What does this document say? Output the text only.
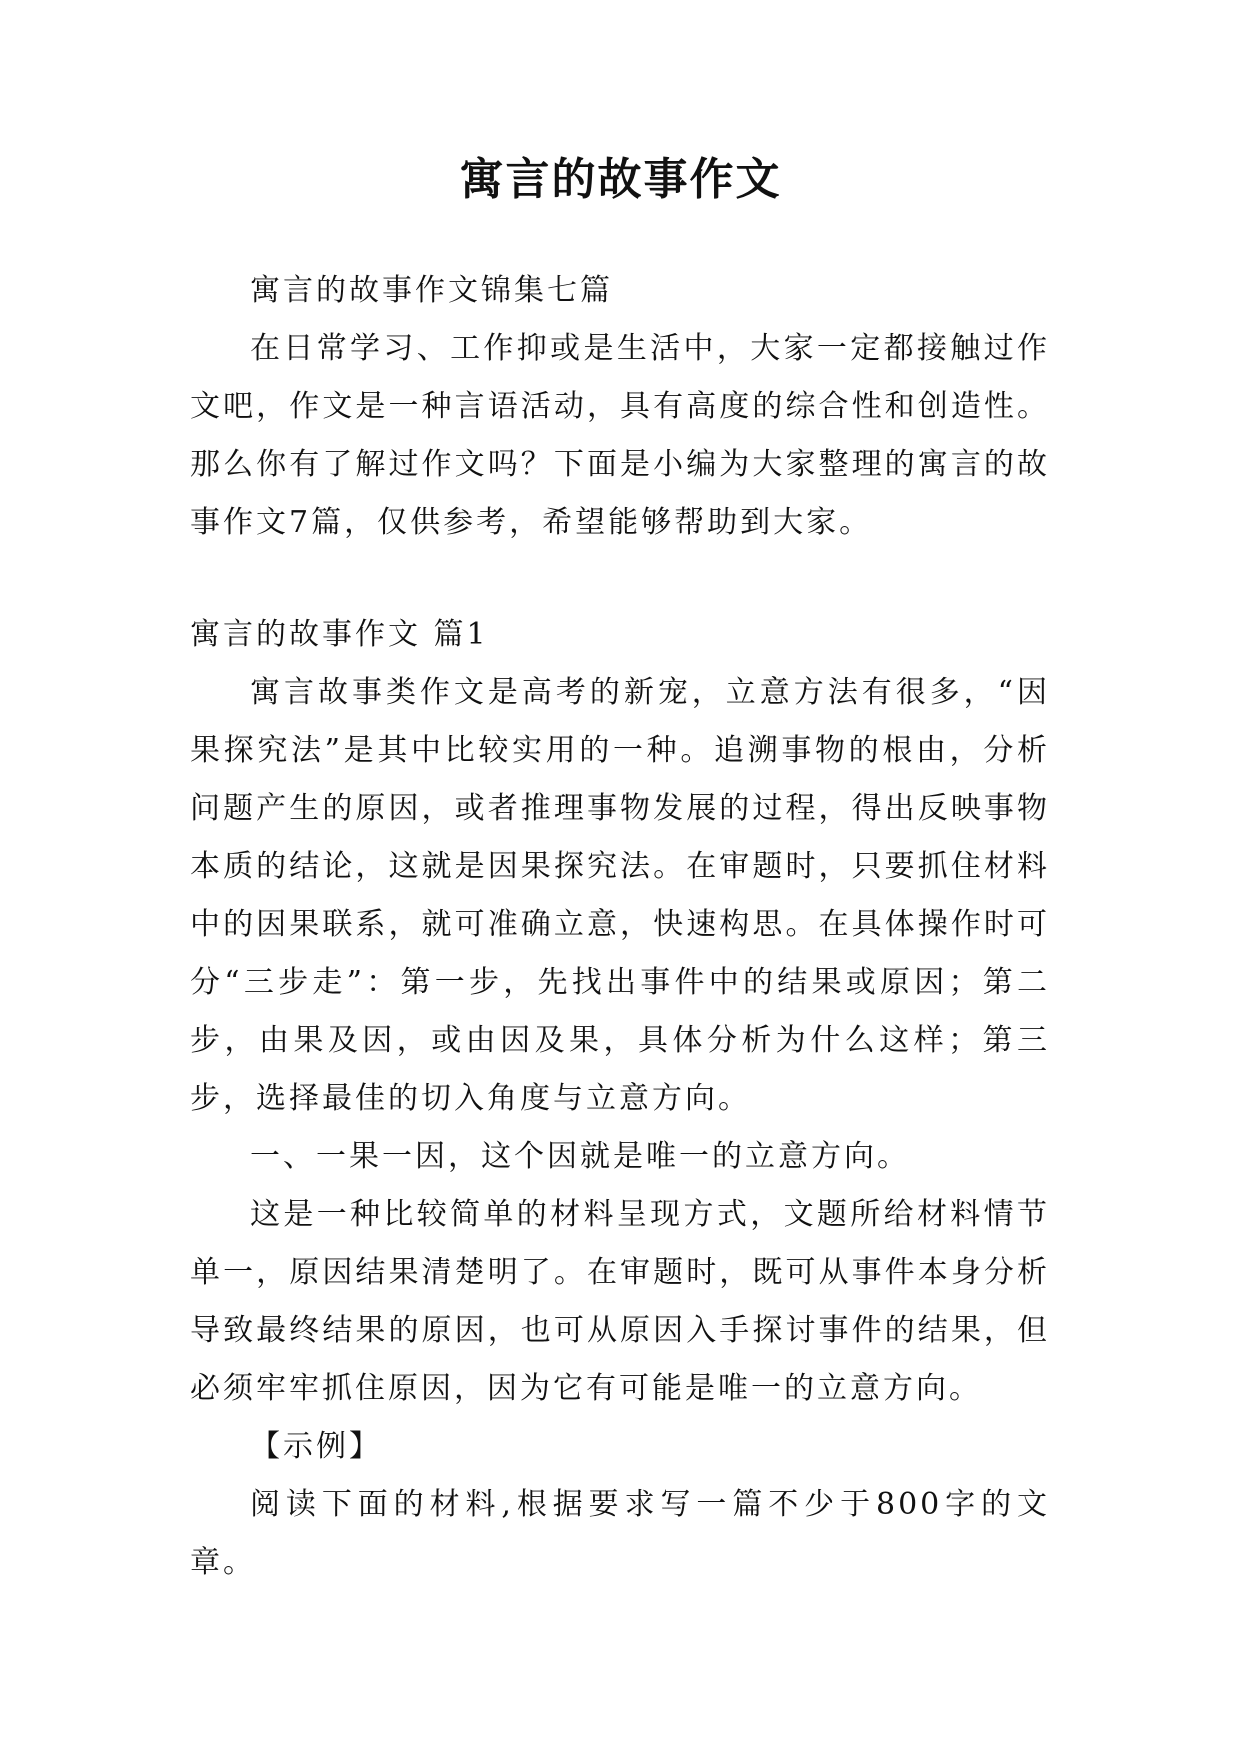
寓言的故事作文

寓言的故事作文锦集七篇

在日常学习、工作抑或是生活中，大家一定都接触过作文吧，作文是一种言语活动，具有高度的综合性和创造性。那么你有了解过作文吗？下面是小编为大家整理的寓言的故事作文7篇，仅供参考，希望能够帮助到大家。

寓言的故事作文 篇1

寓言故事类作文是高考的新宠，立意方法有很多，“因果探究法”是其中比较实用的一种。追溯事物的根由，分析问题产生的原因，或者推理事物发展的过程，得出反映事物本质的结论，这就是因果探究法。在审题时，只要抓住材料中的因果联系，就可准确立意，快速构思。在具体操作时可分“三步走”：第一步，先找出事件中的结果或原因；第二步，由果及因，或由因及果，具体分析为什么这样；第三步，选择最佳的切入角度与立意方向。

一、一果一因，这个因就是唯一的立意方向。

这是一种比较简单的材料呈现方式，文题所给材料情节单一，原因结果清楚明了。在审题时，既可从事件本身分析导致最终结果的原因，也可从原因入手探讨事件的结果，但必须牢牢抓住原因，因为它有可能是唯一的立意方向。

【示例】

阅读下面的材料,根据要求写一篇不少于800字的文章。
